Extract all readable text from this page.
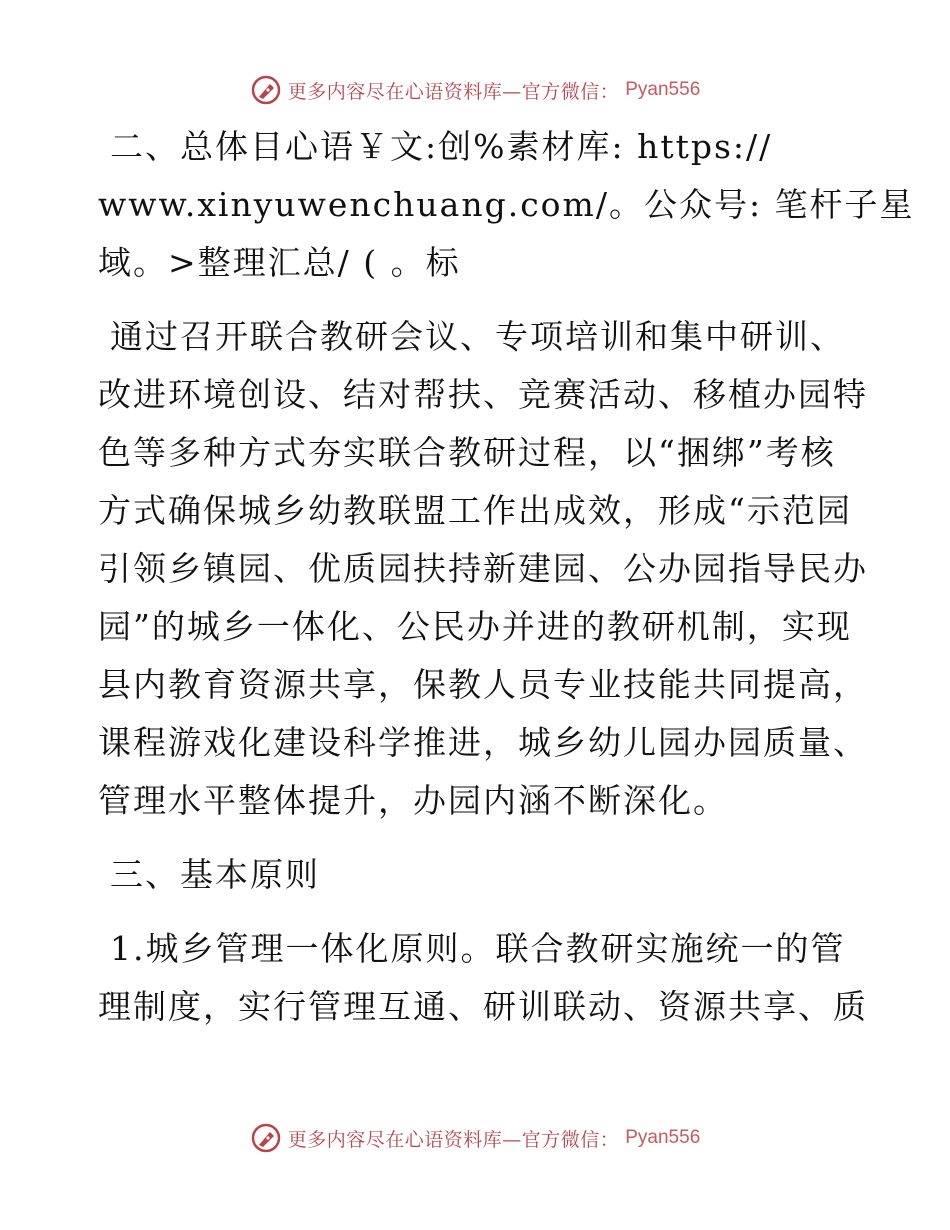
更多内容尽在心语资料库—官方微信： Pyan556
二、总体目心语￥文:创%素材库: https://
www.xinyuwenchuang.com/。公众号: 笔杆子星
域。>整理汇总/ ( 。标
通过召开联合教研会议、专项培训和集中研训、
改进环境创设、结对帮扶、竞赛活动、移植办园特
色等多种方式夯实联合教研过程，以“捆绑”考核
方式确保城乡幼教联盟工作出成效，形成“示范园
引领乡镇园、优质园扶持新建园、公办园指导民办
园”的城乡一体化、公民办并进的教研机制，实现
县内教育资源共享，保教人员专业技能共同提高，
课程游戏化建设科学推进，城乡幼儿园办园质量、
管理水平整体提升，办园内涵不断深化。
三、基本原则
1.城乡管理一体化原则。联合教研实施统一的管
理制度，实行管理互通、研训联动、资源共享、质
更多内容尽在心语资料库—官方微信： Pyan556
